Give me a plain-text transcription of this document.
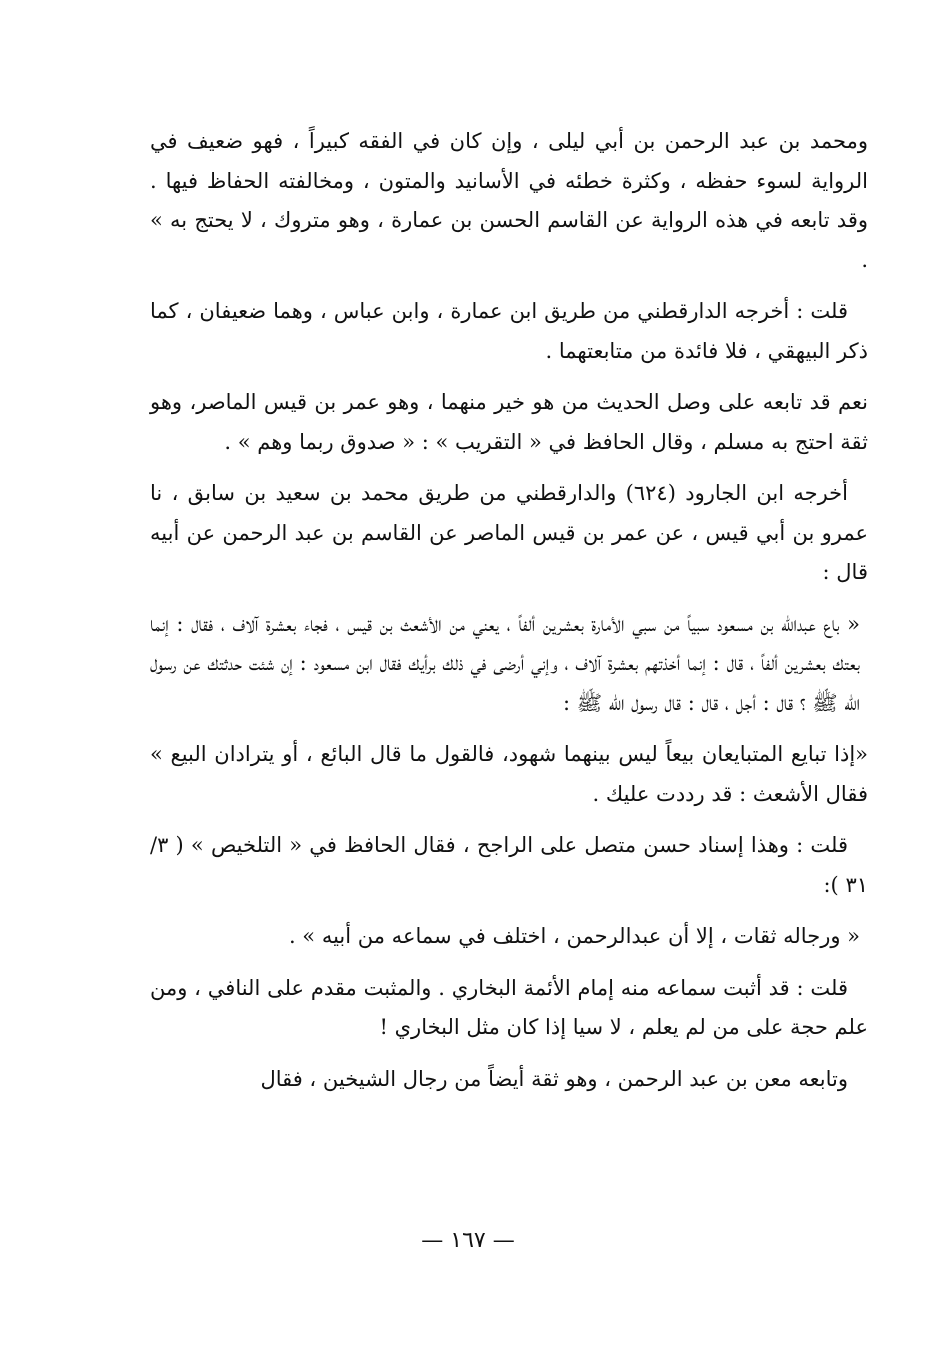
ومحمد بن عبد الرحمن بن أبي ليلى ، وإن كان في الفقه كبيراً ، فهو ضعيف في الرواية لسوء حفظه ، وكثرة خطئه في الأسانيد والمتون ، ومخالفته الحفاظ فيها . وقد تابعه في هذه الرواية عن القاسم الحسن بن عمارة ، وهو متروك ، لا يحتج به » .

قلت : أخرجه الدارقطني من طريق ابن عمارة ، وابن عباس ، وهما ضعيفان ، كما ذكر البيهقي ، فلا فائدة من متابعتهما .

نعم قد تابعه على وصل الحديث من هو خير منهما ، وهو عمر بن قيس الماصر، وهو ثقة احتج به مسلم ، وقال الحافظ في « التقريب » : « صدوق ربما وهم » .

أخرجه ابن الجارود (٦٢٤) والدارقطني من طريق محمد بن سعيد بن سابق ، نا عمرو بن أبي قيس ، عن عمر بن قيس الماصر عن القاسم بن عبد الرحمن عن أبيه قال :

« باع عبدالله بن مسعود سبياً من سبي الأمارة بعشرين ألفاً ، يعني من الأشعث بن قيس ، فجاء بعشرة آلاف ، فقال : إنما بعتك بعشرين ألفاً ، قال : إنما أخذتهم بعشرة آلاف ، وإني أرضى في ذلك برأيك فقال ابن مسعود : إن شئت حدثتك عن رسول الله ﷺ ؟ قال : أجل ، قال : قال رسول الله ﷺ :

«إذا تبايع المتبايعان بيعاً ليس بينهما شهود، فالقول ما قال البائع ، أو يترادان البيع » فقال الأشعث : قد رددت عليك .

قلت : وهذا إسناد حسن متصل على الراجح ، فقال الحافظ في « التلخيص » ( ٣/ ٣١ ):

« ورجاله ثقات ، إلا أن عبدالرحمن ، اختلف في سماعه من أبيه » .

قلت : قد أثبت سماعه منه إمام الأئمة البخاري . والمثبت مقدم على النافي ، ومن علم حجة على من لم يعلم ، لا سيا إذا كان مثل البخاري !

وتابعه معن بن عبد الرحمن ، وهو ثقة أيضاً من رجال الشيخين ، فقال

— ١٦٧ —
